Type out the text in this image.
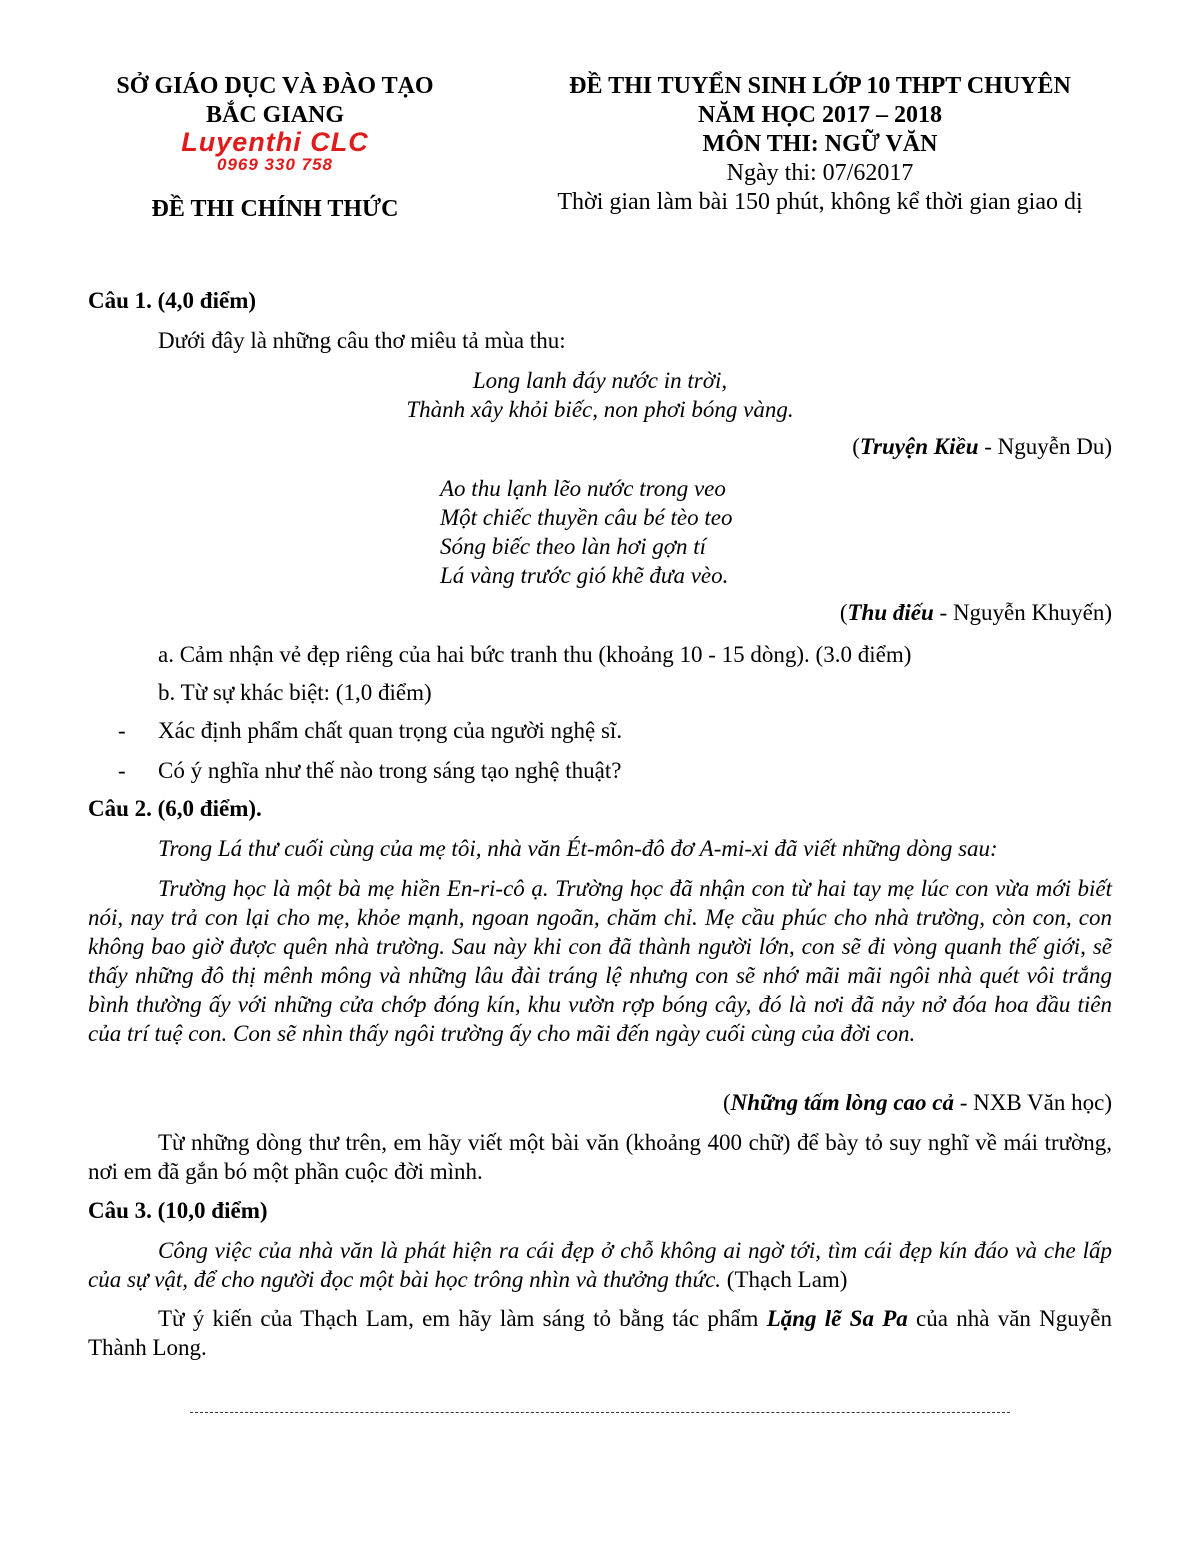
SỞ GIÁO DỤC VÀ ĐÀO TẠO
BẮC GIANG
Luyenthi CLC
0969 330 758
ĐỀ THI CHÍNH THỨC
ĐỀ THI TUYỂN SINH LỚP 10 THPT CHUYÊN
NĂM HỌC 2017 – 2018
MÔN THI: NGỮ VĂN
Ngày thi: 07/62017
Thời gian làm bài 150 phút, không kể thời gian giao dị
Câu 1. (4,0 điểm)
Dưới đây là những câu thơ miêu tả mùa thu:
Long lanh đáy nước in trời,
Thành xây khỏi biếc, non phơi bóng vàng.
(Truyện Kiều - Nguyễn Du)
Ao thu lạnh lẽo nước trong veo
Một chiếc thuyền câu bé tèo teo
Sóng biếc theo làn hơi gợn tí
Lá vàng trước gió khẽ đưa vèo.
(Thu điếu - Nguyễn Khuyến)
a. Cảm nhận vẻ đẹp riêng của hai bức tranh thu (khoảng 10 - 15 dòng). (3.0 điểm)
b. Từ sự khác biệt: (1,0 điểm)
- Xác định phẩm chất quan trọng của người nghệ sĩ.
- Có ý nghĩa như thế nào trong sáng tạo nghệ thuật?
Câu 2. (6,0 điểm).
Trong Lá thư cuối cùng của mẹ tôi, nhà văn Ét-môn-đô đơ A-mi-xi đã viết những dòng sau:
Trường học là một bà mẹ hiền En-ri-cô ạ. Trường học đã nhận con từ hai tay mẹ lúc con vừa mới biết nói, nay trả con lại cho mẹ, khỏe mạnh, ngoan ngoãn, chăm chỉ. Mẹ cầu phúc cho nhà trường, còn con, con không bao giờ được quên nhà trường. Sau này khi con đã thành người lớn, con sẽ đi vòng quanh thế giới, sẽ thấy những đô thị mênh mông và những lâu đài tráng lệ nhưng con sẽ nhớ mãi mãi ngôi nhà quét vôi trắng bình thường ấy với những cửa chớp đóng kín, khu vườn rợp bóng cây, đó là nơi đã nảy nở đóa hoa đầu tiên của trí tuệ con. Con sẽ nhìn thấy ngôi trường ấy cho mãi đến ngày cuối cùng của đời con.
(Những tấm lòng cao cả - NXB Văn học)
Từ những dòng thư trên, em hãy viết một bài văn (khoảng 400 chữ) để bày tỏ suy nghĩ về mái trường, nơi em đã gắn bó một phần cuộc đời mình.
Câu 3. (10,0 điểm)
Công việc của nhà văn là phát hiện ra cái đẹp ở chỗ không ai ngờ tới, tìm cái đẹp kín đáo và che lấp của sự vật, để cho người đọc một bài học trông nhìn và thưởng thức. (Thạch Lam)
Từ ý kiến của Thạch Lam, em hãy làm sáng tỏ bằng tác phẩm Lặng lẽ Sa Pa của nhà văn Nguyễn Thành Long.
